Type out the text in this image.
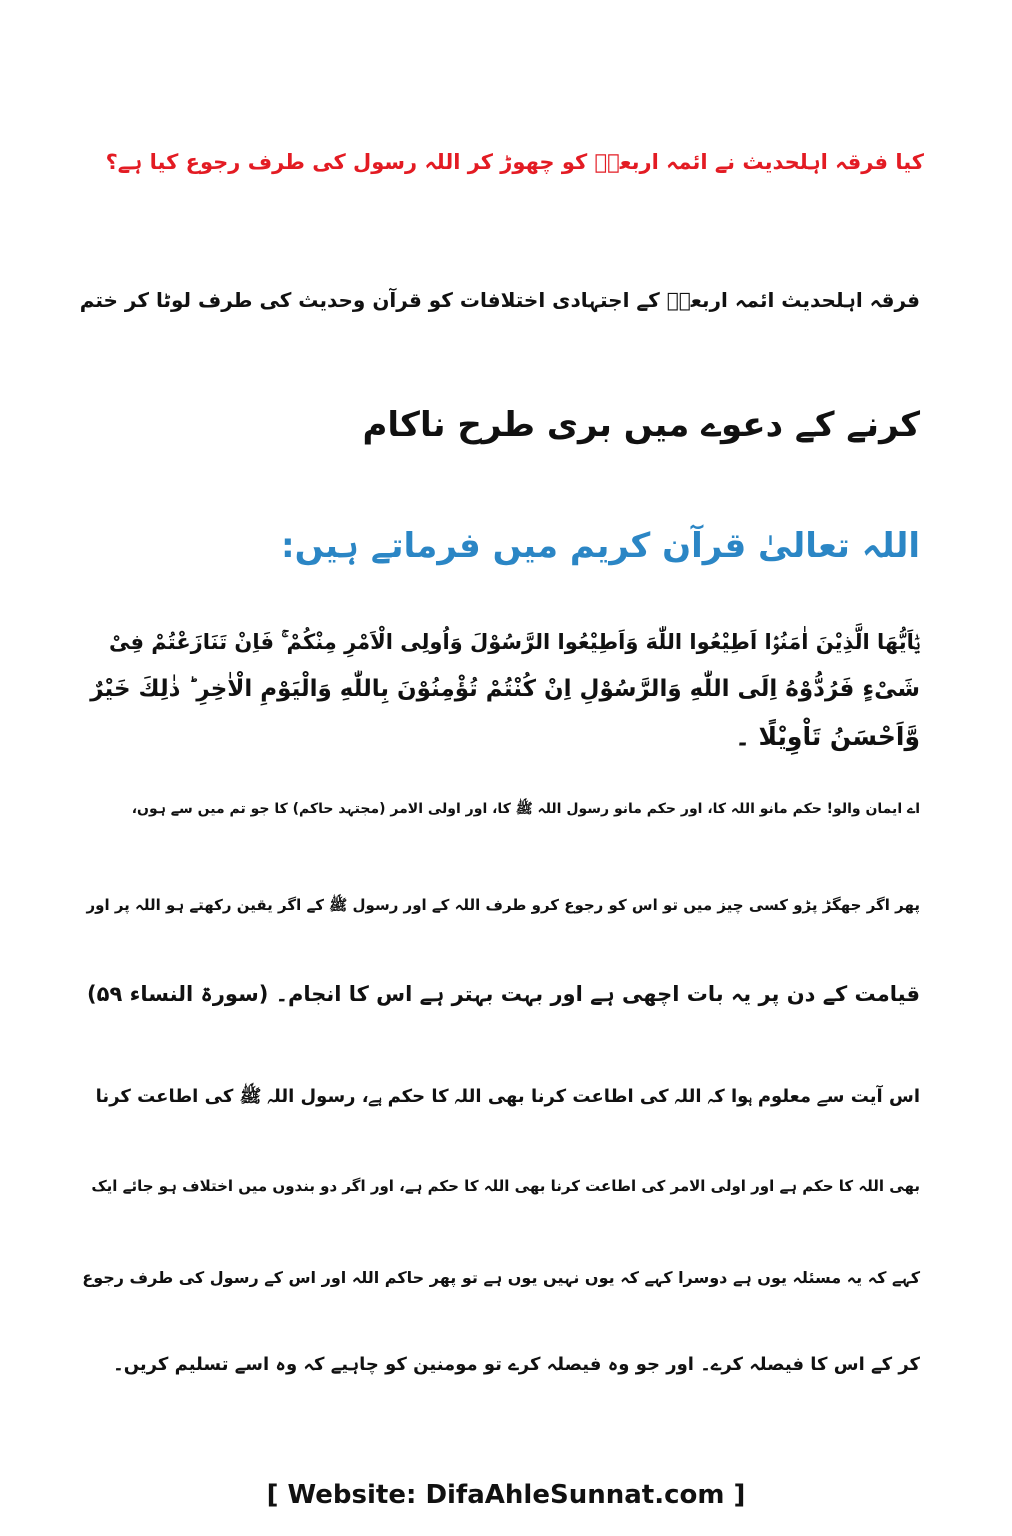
کیا فرقہ اہلحدیث نے ائمہ اربعہؒ کو چھوڑ کر اللہ رسول کی طرف رجوع کیا ہے؟
فرقہ اہلحدیث ائمہ اربعہؒ کے اجتہادی اختلافات کو قرآن وحدیث کی طرف لوٹا کر ختم
کرنے کے دعوے میں بری طرح ناکام
اللہ تعالیٰ قرآن کریم میں فرماتے ہیں:
یٰۤاَیُّهَا الَّذِیْنَ اٰمَنُوْۤا اَطِیْعُوا اللّٰهَ وَاَطِیْعُوا الرَّسُوْلَ وَاُولِی الْاَمْرِ مِنْكُمْ ۚ فَاِنْ تَنَازَعْتُمْ فِیْ
شَیْءٍ فَرُدُّوْهُ اِلَى اللّٰهِ وَالرَّسُوْلِ اِنْ كُنْتُمْ تُؤْمِنُوْنَ بِاللّٰهِ وَالْیَوْمِ الْاٰخِرِ ؕ ذٰلِكَ خَیْرٌ
وَّاَحْسَنُ تَاْوِیْلًا ۔
اے ایمان والو! حکم مانو اللہ کا، اور حکم مانو رسول اللہ ﷺ کا، اور اولی الامر (مجتہد حاکم) کا جو تم میں سے ہوں،
پھر اگر جھگڑ پڑو کسی چیز میں تو اس کو رجوع کرو طرف اللہ کے اور رسول ﷺ کے اگر یقین رکھتے ہو اللہ پر اور
قیامت کے دن پر یہ بات اچھی ہے اور بہت بہتر ہے اس کا انجام۔ (سورۃ النساء ۵۹)
اس آیت سے معلوم ہوا کہ اللہ کی اطاعت کرنا بھی اللہ کا حکم ہے، رسول اللہ ﷺ کی اطاعت کرنا
بھی اللہ کا حکم ہے اور اولی الامر کی اطاعت کرنا بھی اللہ کا حکم ہے، اور اگر دو بندوں میں اختلاف ہو جائے ایک
کہے کہ یہ مسئلہ یوں ہے دوسرا کہے کہ یوں نہیں یوں ہے تو پھر حاکم اللہ اور اس کے رسول کی طرف رجوع
کر کے اس کا فیصلہ کرے۔ اور جو وہ فیصلہ کرے تو مومنین کو چاہیے کہ وہ اسے تسلیم کریں۔
[ Website: DifaAhleSunnat.com ]
